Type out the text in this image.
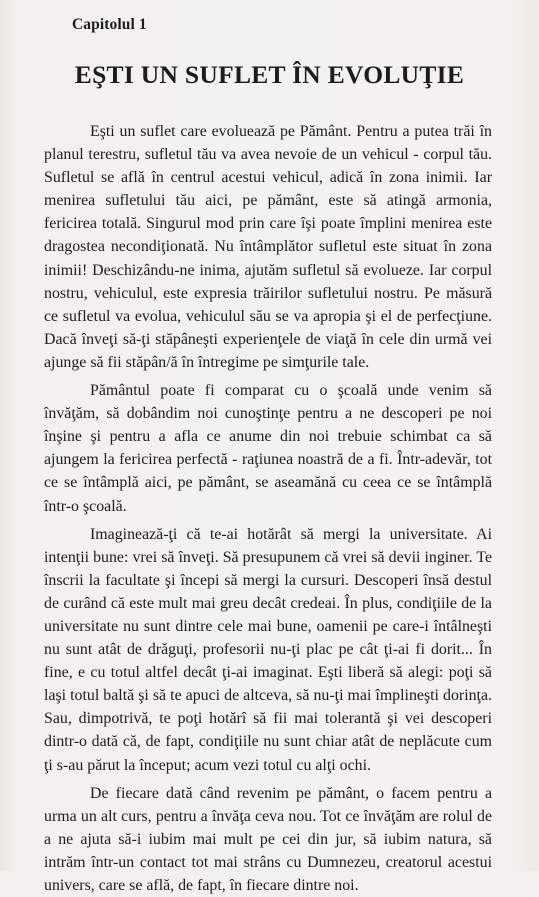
Capitolul 1
EŞTI UN SUFLET ÎN EVOLUŢIE

Eşti un suflet care evoluează pe Pământ. Pentru a putea trăi în planul terestru, sufletul tău va avea nevoie de un vehicul - corpul tău. Sufletul se află în centrul acestui vehicul, adică în zona inimii. Iar menirea sufletului tău aici, pe pământ, este să atingă armonia, fericirea totală. Singurul mod prin care îşi poate împlini menirea este dragostea necondiţionată. Nu întâmplător sufletul este situat în zona inimii! Deschizându-ne inima, ajutăm sufletul să evolueze. Iar corpul nostru, vehiculul, este expresia trăirilor sufletului nostru. Pe măsură ce sufletul va evolua, vehiculul său se va apropia şi el de perfecţiune. Dacă înveţi să-ţi stăpâneşti experienţele de viaţă în cele din urmă vei ajunge să fii stăpân/ă în întregime pe simţurile tale.

Pământul poate fi comparat cu o şcoală unde venim să învăţăm, să dobândim noi cunoştinţe pentru a ne descoperi pe noi înşine şi pentru a afla ce anume din noi trebuie schimbat ca să ajungem la fericirea perfectă - raţiunea noastră de a fi. Într-adevăr, tot ce se întâmplă aici, pe pământ, se aseamănă cu ceea ce se întâmplă într-o şcoală.

Imaginează-ţi că te-ai hotărât să mergi la universitate. Ai intenţii bune: vrei să înveţi. Să presupunem că vrei să devii inginer. Te înscrii la facultate şi începi să mergi la cursuri. Descoperi însă destul de curând că este mult mai greu decât credeai. În plus, condiţiile de la universitate nu sunt dintre cele mai bune, oamenii pe care-i întâlneşti nu sunt atât de drăguţi, profesorii nu-ţi plac pe cât ţi-ai fi dorit... În fine, e cu totul altfel decât ţi-ai imaginat. Eşti liberă să alegi: poţi să laşi totul baltă şi să te apuci de altceva, să nu-ţi mai împlineşti dorinţa. Sau, dimpotrivă, te poţi hotărî să fii mai tolerantă şi vei descoperi dintr-o dată că, de fapt, condiţiile nu sunt chiar atât de neplăcute cum ţi s-au părut la început; acum vezi totul cu alţi ochi.

De fiecare dată când revenim pe pământ, o facem pentru a urma un alt curs, pentru a învăţa ceva nou. Tot ce învăţăm are rolul de a ne ajuta să-i iubim mai mult pe cei din jur, să iubim natura, să intrăm într-un contact tot mai strâns cu Dumnezeu, creatorul acestui univers, care se află, de fapt, în fiecare dintre noi.
